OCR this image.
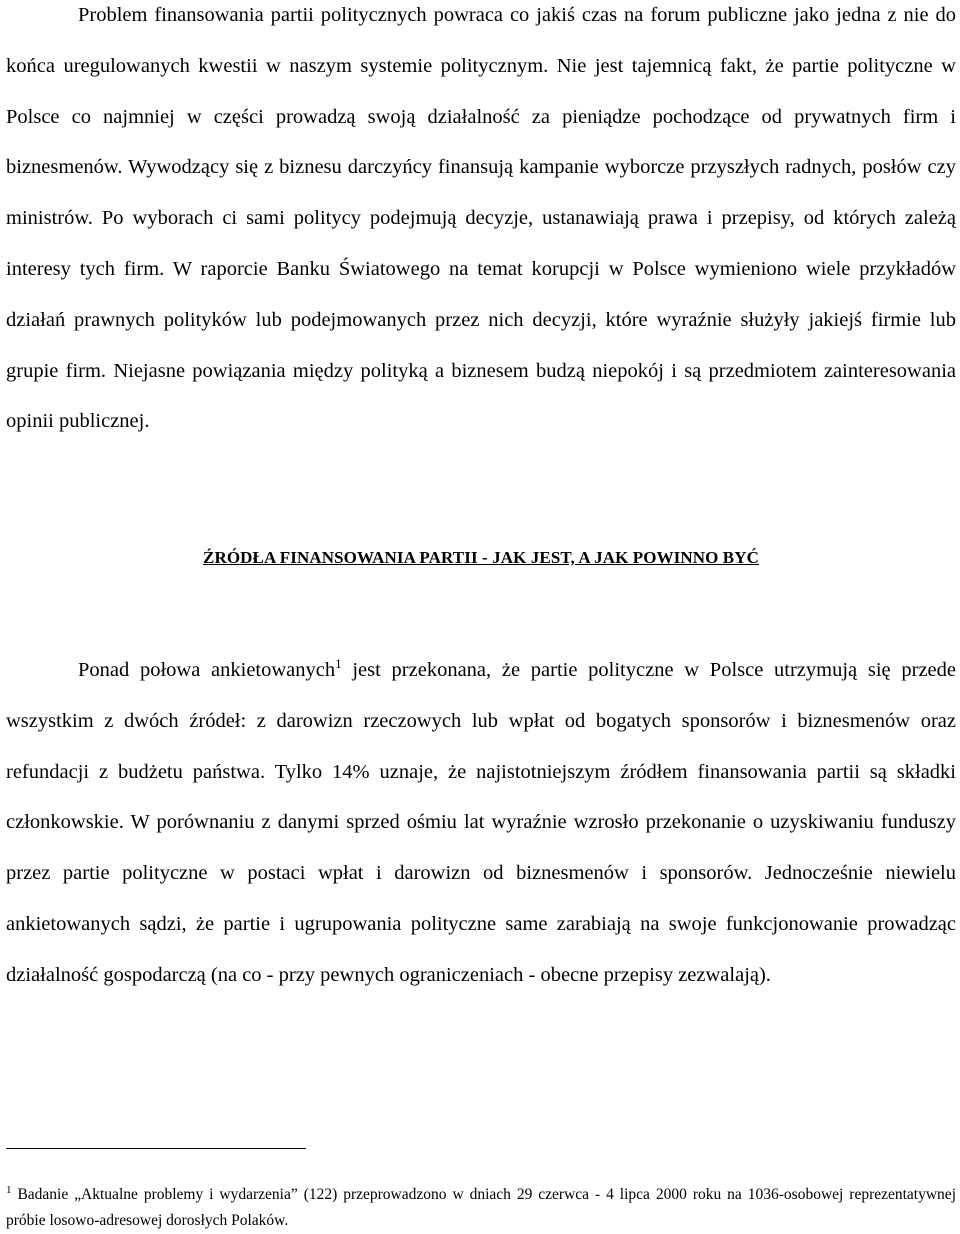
Problem finansowania partii politycznych powraca co jakiś czas na forum publiczne jako jedna z nie do końca uregulowanych kwestii w naszym systemie politycznym. Nie jest tajemnicą fakt, że partie polityczne w Polsce co najmniej w części prowadzą swoją działalność za pieniądze pochodzące od prywatnych firm i biznesmenów. Wywodzący się z biznesu darczyńcy finansują kampanie wyborcze przyszłych radnych, posłów czy ministrów. Po wyborach ci sami politycy podejmują decyzje, ustanawiają prawa i przepisy, od których zależą interesy tych firm. W raporcie Banku Światowego na temat korupcji w Polsce wymieniono wiele przykładów działań prawnych polityków lub podejmowanych przez nich decyzji, które wyraźnie służyły jakiejś firmie lub grupie firm. Niejasne powiązania między polityką a biznesem budzą niepokój i są przedmiotem zainteresowania opinii publicznej.

ŹRÓDŁA FINANSOWANIA PARTII - JAK JEST, A JAK POWINNO BYĆ

Ponad połowa ankietowanych$^1$ jest przekonana, że partie polityczne w Polsce utrzymują się przede wszystkim z dwóch źródeł: z darowizn rzeczowych lub wpłat od bogatych sponsorów i biznesmenów oraz refundacji z budżetu państwa. Tylko 14% uznaje, że najistotniejszym źródłem finansowania partii są składki członkowskie. W porównaniu z danymi sprzed ośmiu lat wyraźnie wzrosło przekonanie o uzyskiwaniu funduszy przez partie polityczne w postaci wpłat i darowizn od biznesmenów i sponsorów. Jednocześnie niewielu ankietowanych sądzi, że partie i ugrupowania polityczne same zarabiają na swoje funkcjonowanie prowadząc działalność gospodarczą (na co - przy pewnych ograniczeniach - obecne przepisy zezwalają).

$^1$ Badanie „Aktualne problemy i wydarzenia” (122) przeprowadzono w dniach 29 czerwca - 4 lipca 2000 roku na 1036-osobowej reprezentatywnej próbie losowo-adresowej dorosłych Polaków.
